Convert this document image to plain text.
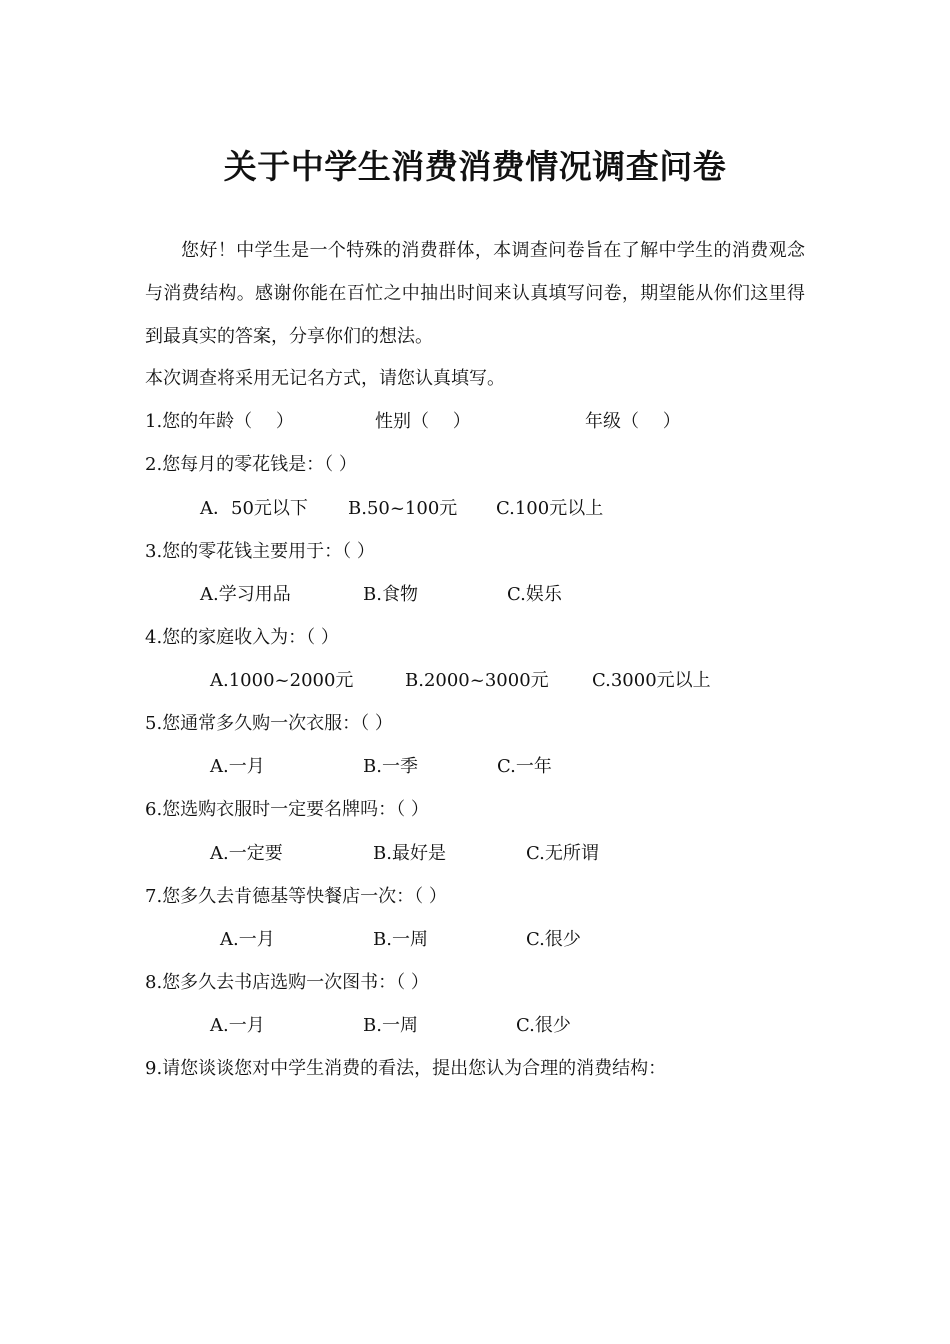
关于中学生消费消费情况调查问卷

您好！中学生是一个特殊的消费群体，本调查问卷旨在了解中学生的消费观念与消费结构。感谢你能在百忙之中抽出时间来认真填写问卷，期望能从你们这里得到最真实的答案，分享你们的想法。

本次调查将采用无记名方式，请您认真填写。
1.您的年龄（　 ）	性别（　 ）	年级（　 ）
2.您每月的零花钱是：（ ）
A．50元以下 B.50~100元 C.100元以上
3.您的零花钱主要用于：（ ）
A.学习用品	B.食物	C.娱乐
4.您的家庭收入为：（ ）
A.1000~2000元	B.2000~3000元 C.3000元以上
5.您通常多久购一次衣服：（ ）
A.一月	B.一季	C.一年
6.您选购衣服时一定要名牌吗：（ ）
A.一定要	B.最好是	C.无所谓
7.您多久去肯德基等快餐店一次：（ ）
A.一月	B.一周	C.很少
8.您多久去书店选购一次图书：（ ）
A.一月	B.一周	C.很少
9.请您谈谈您对中学生消费的看法，提出您认为合理的消费结构：
